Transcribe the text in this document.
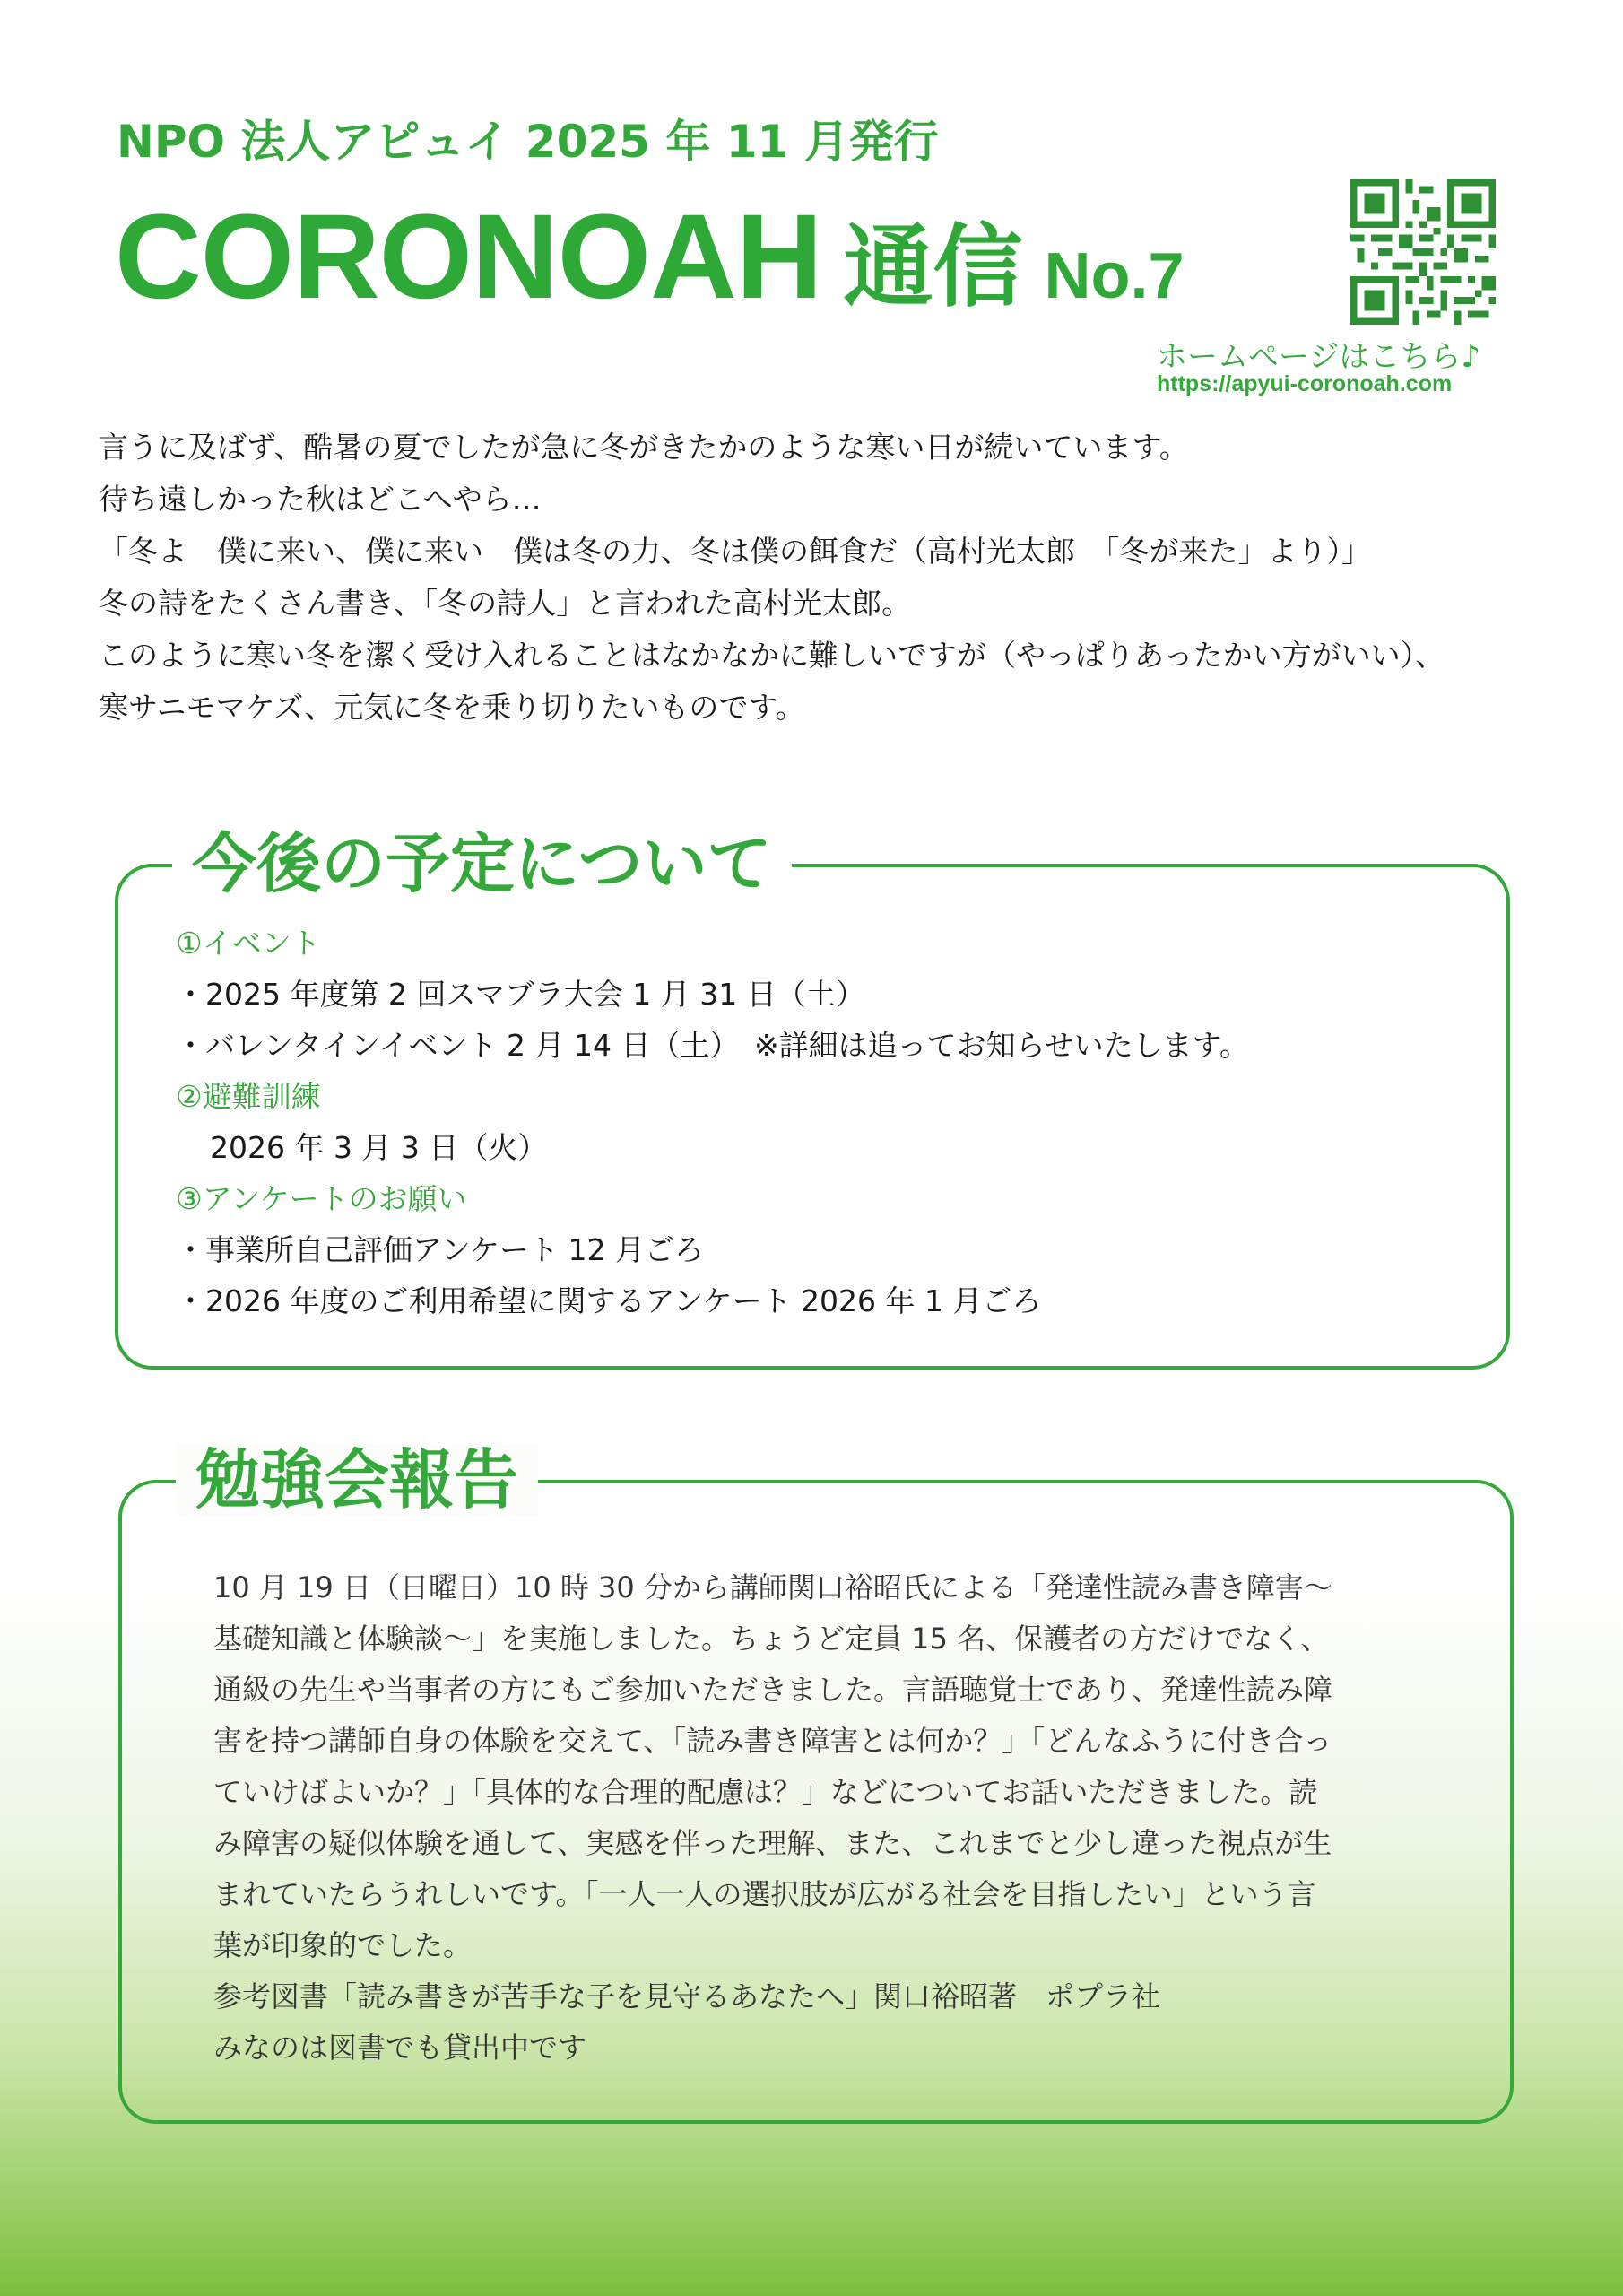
NPO 法人アピュイ 2025 年 11 月発行
CORONOAH 通信 No.7
ホームページはこちら♪
https://apyui-coronoah.com

言うに及ばず、酷暑の夏でしたが急に冬がきたかのような寒い日が続いています。

待ち遠しかった秋はどこへやら…

「冬よ　僕に来い、僕に来い　僕は冬の力、冬は僕の餌食だ（高村光太郎　「冬が来た」より）」

冬の詩をたくさん書き、「冬の詩人」と言われた高村光太郎。

このように寒い冬を潔く受け入れることはなかなかに難しいですが（やっぱりあったかい方がいい）、

寒サニモマケズ、元気に冬を乗り切りたいものです。

今後の予定について

①イベント

・2025 年度第 2 回スマブラ大会 1 月 31 日（土）

・バレンタインイベント 2 月 14 日（土）　※詳細は追ってお知らせいたします。

②避難訓練

2026 年 3 月 3 日（火）

③アンケートのお願い

・事業所自己評価アンケート 12 月ごろ

・2026 年度のご利用希望に関するアンケート 2026 年 1 月ごろ

勉強会報告

10 月 19 日（日曜日）10 時 30 分から講師関口裕昭氏による「発達性読み書き障害～

基礎知識と体験談～」を実施しました。ちょうど定員 15 名、保護者の方だけでなく、

通級の先生や当事者の方にもご参加いただきました。言語聴覚士であり、発達性読み障

害を持つ講師自身の体験を交えて、「読み書き障害とは何か？」「どんなふうに付き合っ

ていけばよいか？」「具体的な合理的配慮は？」などについてお話いただきました。読

み障害の疑似体験を通して、実感を伴った理解、また、これまでと少し違った視点が生

まれていたらうれしいです。「一人一人の選択肢が広がる社会を目指したい」という言

葉が印象的でした。

参考図書「読み書きが苦手な子を見守るあなたへ」関口裕昭著　ポプラ社

みなのは図書でも貸出中です
